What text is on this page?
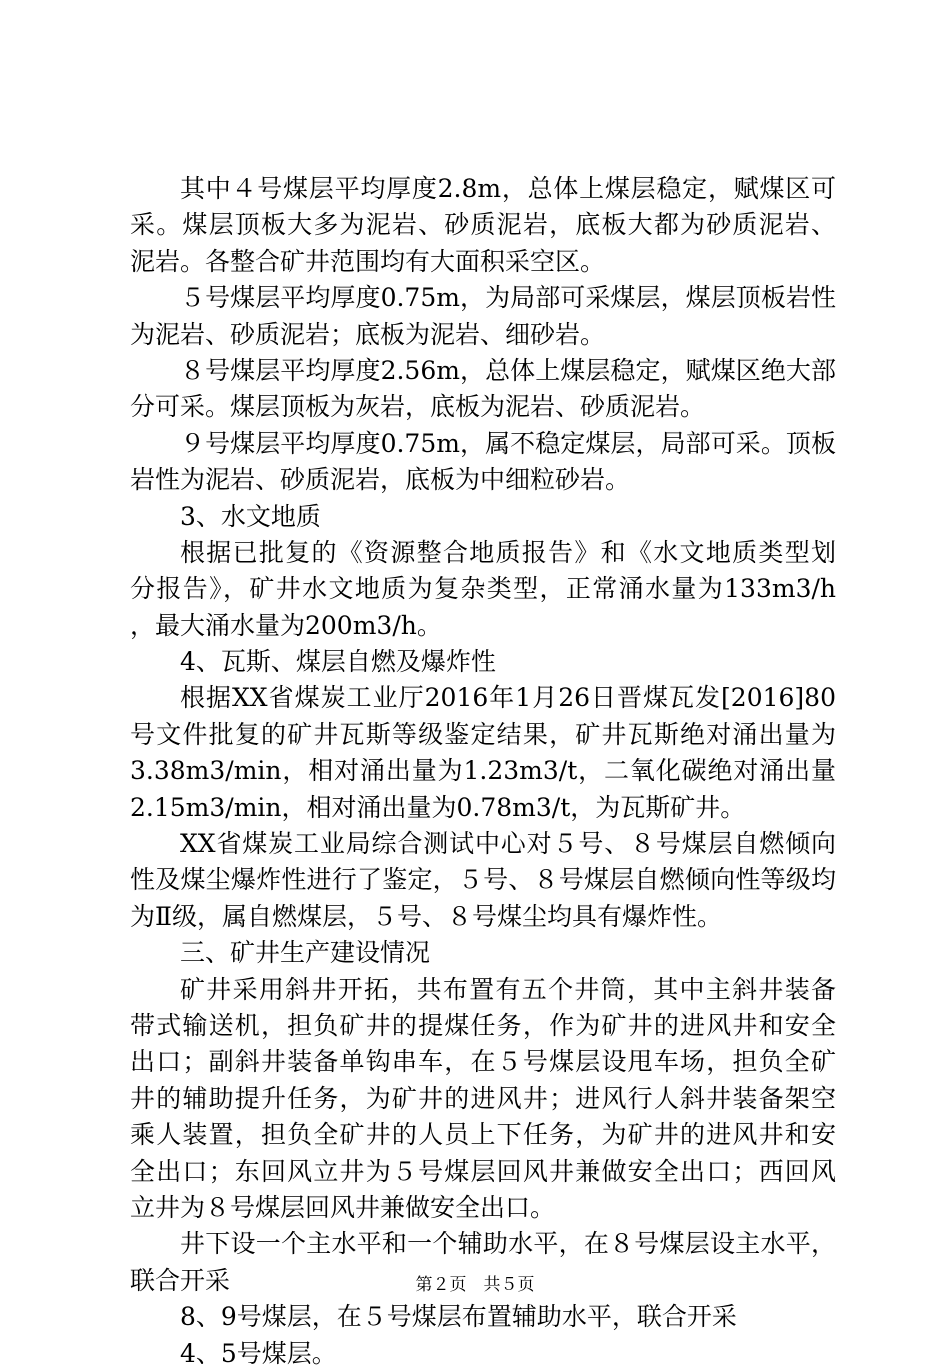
其中４号煤层平均厚度2.8m，总体上煤层稳定，赋煤区可
采。煤层顶板大多为泥岩、砂质泥岩，底板大都为砂质泥岩、
泥岩。各整合矿井范围均有大面积采空区。
５号煤层平均厚度0.75m，为局部可采煤层，煤层顶板岩性
为泥岩、砂质泥岩；底板为泥岩、细砂岩。
８号煤层平均厚度2.56m，总体上煤层稳定，赋煤区绝大部
分可采。煤层顶板为灰岩，底板为泥岩、砂质泥岩。
９号煤层平均厚度0.75m，属不稳定煤层，局部可采。顶板
岩性为泥岩、砂质泥岩，底板为中细粒砂岩。
3、水文地质
根据已批复的《资源整合地质报告》和《水文地质类型划
分报告》，矿井水文地质为复杂类型，正常涌水量为133m3/h
，最大涌水量为200m3/h。
4、瓦斯、煤层自燃及爆炸性
根据XX省煤炭工业厅2016年1月26日晋煤瓦发[2016]80
号文件批复的矿井瓦斯等级鉴定结果，矿井瓦斯绝对涌出量为
3.38m3/min，相对涌出量为1.23m3/t，二氧化碳绝对涌出量
2.15m3/min，相对涌出量为0.78m3/t，为瓦斯矿井。
XX省煤炭工业局综合测试中心对５号、８号煤层自燃倾向
性及煤尘爆炸性进行了鉴定，５号、８号煤层自燃倾向性等级均
为Ⅱ级，属自燃煤层，５号、８号煤尘均具有爆炸性。
三、矿井生产建设情况
矿井采用斜井开拓，共布置有五个井筒，其中主斜井装备
带式输送机，担负矿井的提煤任务，作为矿井的进风井和安全
出口；副斜井装备单钩串车，在５号煤层设甩车场，担负全矿
井的辅助提升任务，为矿井的进风井；进风行人斜井装备架空
乘人装置，担负全矿井的人员上下任务，为矿井的进风井和安
全出口；东回风立井为５号煤层回风井兼做安全出口；西回风
立井为８号煤层回风井兼做安全出口。
井下设一个主水平和一个辅助水平，在８号煤层设主水平，
联合开采
8、9号煤层，在５号煤层布置辅助水平，联合开采
4、5号煤层。
第２页　共５页
